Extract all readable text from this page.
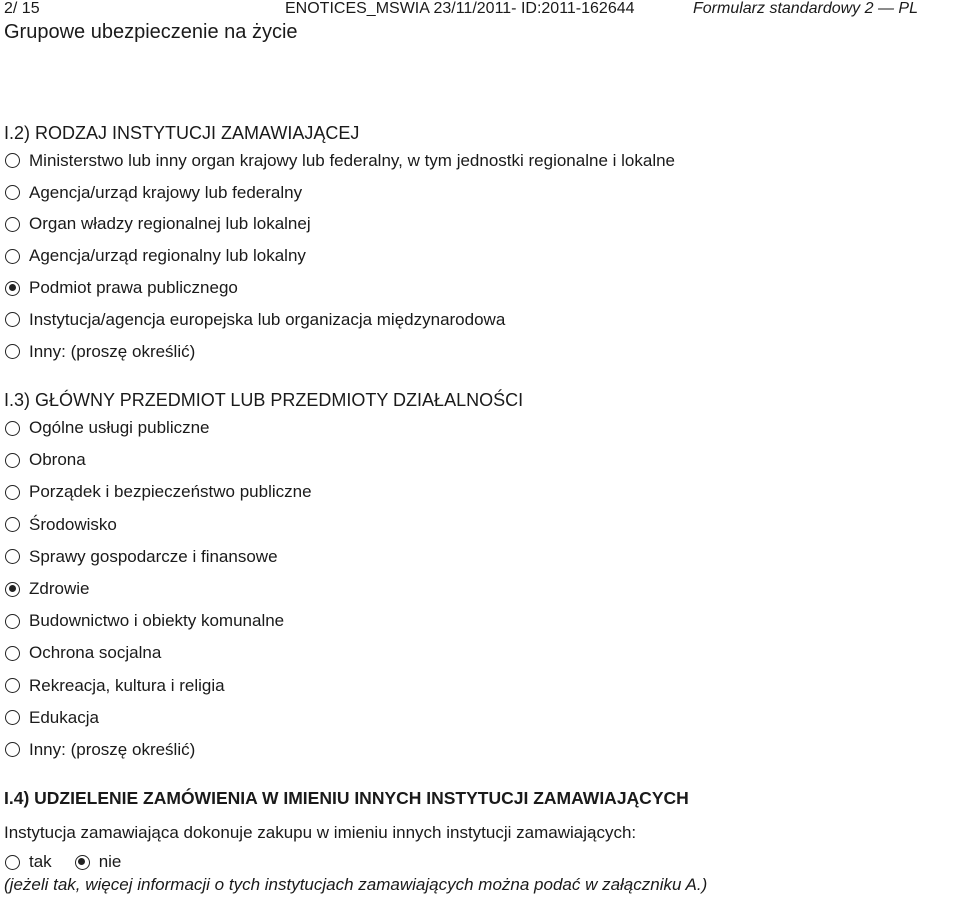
2/ 15	ENOTICES_MSWIA 23/11/2011- ID:2011-162644	Formularz standardowy 2 — PL
Grupowe ubezpieczenie na życie
I.2) RODZAJ INSTYTUCJI ZAMAWIAJĄCEJ
Ministerstwo lub inny organ krajowy lub federalny, w tym jednostki regionalne i lokalne
Agencja/urząd krajowy lub federalny
Organ władzy regionalnej lub lokalnej
Agencja/urząd regionalny lub lokalny
Podmiot prawa publicznego
Instytucja/agencja europejska lub organizacja międzynarodowa
Inny: (proszę określić)
I.3) GŁÓWNY PRZEDMIOT LUB PRZEDMIOTY DZIAŁALNOŚCI
Ogólne usługi publiczne
Obrona
Porządek i bezpieczeństwo publiczne
Środowisko
Sprawy gospodarcze i finansowe
Zdrowie
Budownictwo i obiekty komunalne
Ochrona socjalna
Rekreacja, kultura i religia
Edukacja
Inny: (proszę określić)
I.4) UDZIELENIE ZAMÓWIENIA W IMIENIU INNYCH INSTYTUCJI ZAMAWIAJĄCYCH
Instytucja zamawiająca dokonuje zakupu w imieniu innych instytucji zamawiających:
tak	nie
(jeżeli tak, więcej informacji o tych instytucjach zamawiających można podać w załączniku A.)
